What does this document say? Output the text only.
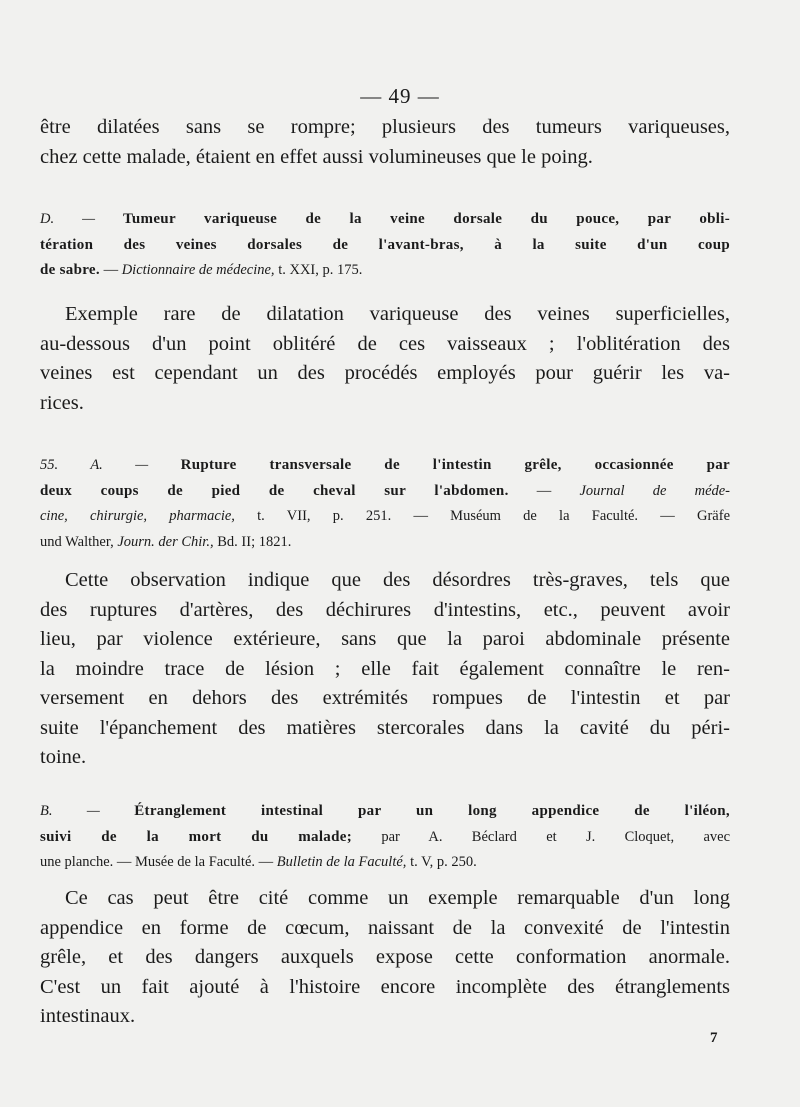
— 49 —
être dilatées sans se rompre; plusieurs des tumeurs variqueuses,
chez cette malade, étaient en effet aussi volumineuses que le poing.
D. — Tumeur variqueuse de la veine dorsale du pouce, par obli-
tération des veines dorsales de l'avant-bras, à la suite d'un coup
de sabre. — Dictionnaire de médecine, t. XXI, p. 175.
Exemple rare de dilatation variqueuse des veines superficielles,
au-dessous d'un point oblitéré de ces vaisseaux ; l'oblitération des
veines est cependant un des procédés employés pour guérir les va-
rices.
55. A. — Rupture transversale de l'intestin grêle, occasionnée par
deux coups de pied de cheval sur l'abdomen. — Journal de méde-
cine, chirurgie, pharmacie, t. VII, p. 251. — Muséum de la Faculté. — Gräfe
und Walther, Journ. der Chir., Bd. II; 1821.
Cette observation indique que des désordres très-graves, tels que
des ruptures d'artères, des déchirures d'intestins, etc., peuvent avoir
lieu, par violence extérieure, sans que la paroi abdominale présente
la moindre trace de lésion ; elle fait également connaître le ren-
versement en dehors des extrémités rompues de l'intestin et par
suite l'épanchement des matières stercorales dans la cavité du péri-
toine.
B. — Étranglement intestinal par un long appendice de l'iléon,
suivi de la mort du malade; par A. Béclard et J. Cloquet, avec
une planche. — Musée de la Faculté. — Bulletin de la Faculté, t. V, p. 250.
Ce cas peut être cité comme un exemple remarquable d'un long
appendice en forme de cœcum, naissant de la convexité de l'intestin
grêle, et des dangers auxquels expose cette conformation anormale.
C'est un fait ajouté à l'histoire encore incomplète des étranglements
intestinaux.
7
